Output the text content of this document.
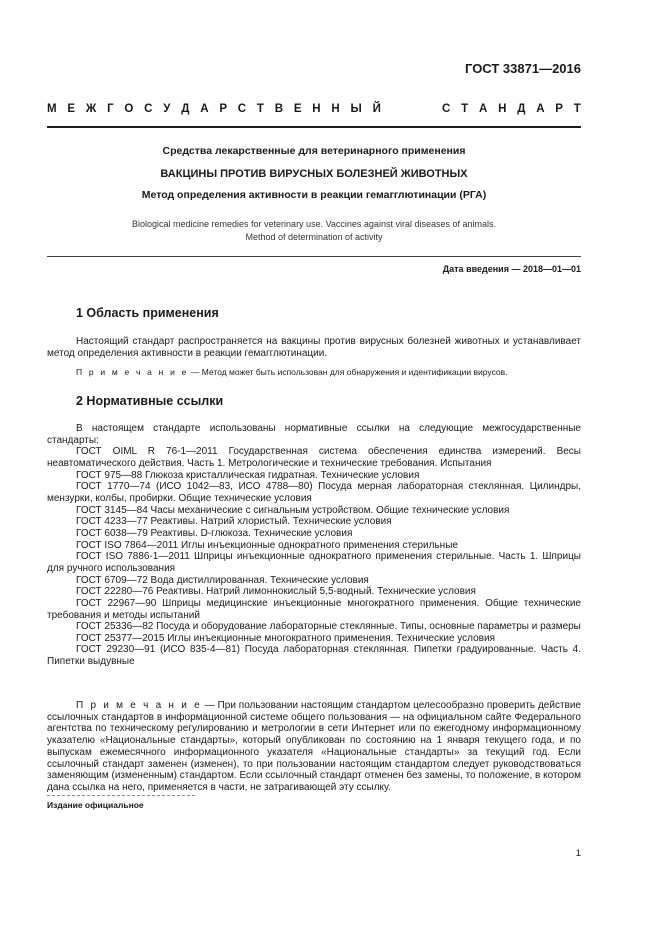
ГОСТ 33871—2016
М Е Ж Г О С У Д А Р С Т В Е Н Н Ы Й	С Т А Н Д А Р Т
Средства лекарственные для ветеринарного применения
ВАКЦИНЫ ПРОТИВ ВИРУСНЫХ БОЛЕЗНЕЙ ЖИВОТНЫХ
Метод определения активности в реакции гемагглютинации (РГА)
Biological medicine remedies for veterinary use. Vaccines against viral diseases of animals.
Method of determination of activity
Дата введения — 2018—01—01
1 Область применения
Настоящий стандарт распространяется на вакцины против вирусных болезней животных и устанавливает метод определения активности в реакции гемагглютинации.
П р и м е ч а н и е — Метод может быть использован для обнаружения и идентификации вирусов.
2 Нормативные ссылки
В настоящем стандарте использованы нормативные ссылки на следующие межгосударственные стандарты:
ГОСТ OIML R 76-1—2011 Государственная система обеспечения единства измерений. Весы неавтоматического действия. Часть 1. Метрологические и технические требования. Испытания
ГОСТ 975—88 Глюкоза кристаллическая гидратная. Технические условия
ГОСТ 1770—74 (ИСО 1042—83, ИСО 4788—80) Посуда мерная лабораторная стеклянная. Цилиндры, мензурки, колбы, пробирки. Общие технические условия
ГОСТ 3145—84 Часы механические с сигнальным устройством. Общие технические условия
ГОСТ 4233—77 Реактивы. Натрий хлористый. Технические условия
ГОСТ 6038—79 Реактивы. D-глюкоза. Технические условия
ГОСТ ISO 7864—2011 Иглы инъекционные однократного применения стерильные
ГОСТ ISO 7886-1—2011 Шприцы инъекционные однократного применения стерильные. Часть 1. Шприцы для ручного использования
ГОСТ 6709—72 Вода дистиллированная. Технические условия
ГОСТ 22280—76 Реактивы. Натрий лимоннокислый 5,5-водный. Технические условия
ГОСТ 22967—90 Шприцы медицинские инъекционные многократного применения. Общие технические требования и методы испытаний
ГОСТ 25336—82 Посуда и оборудование лабораторные стеклянные. Типы, основные параметры и размеры
ГОСТ 25377—2015 Иглы инъекционные многократного применения. Технические условия
ГОСТ 29230—91 (ИСО 835-4—81) Посуда лабораторная стеклянная. Пипетки градуированные. Часть 4. Пипетки выдувные
П р и м е ч а н и е — При пользовании настоящим стандартом целесообразно проверить действие ссылочных стандартов в информационной системе общего пользования — на официальном сайте Федерального агентства по техническому регулированию и метрологии в сети Интернет или по ежегодному информационному указателю «Национальные стандарты», который опубликован по состоянию на 1 января текущего года, и по выпускам ежемесячного информационного указателя «Национальные стандарты» за текущий год. Если ссылочный стандарт заменен (изменен), то при пользовании настоящим стандартом следует руководствоваться заменяющим (измененным) стандартом. Если ссылочный стандарт отменен без замены, то положение, в котором дана ссылка на него, применяется в части, не затрагивающей эту ссылку.
Издание официальное
1
